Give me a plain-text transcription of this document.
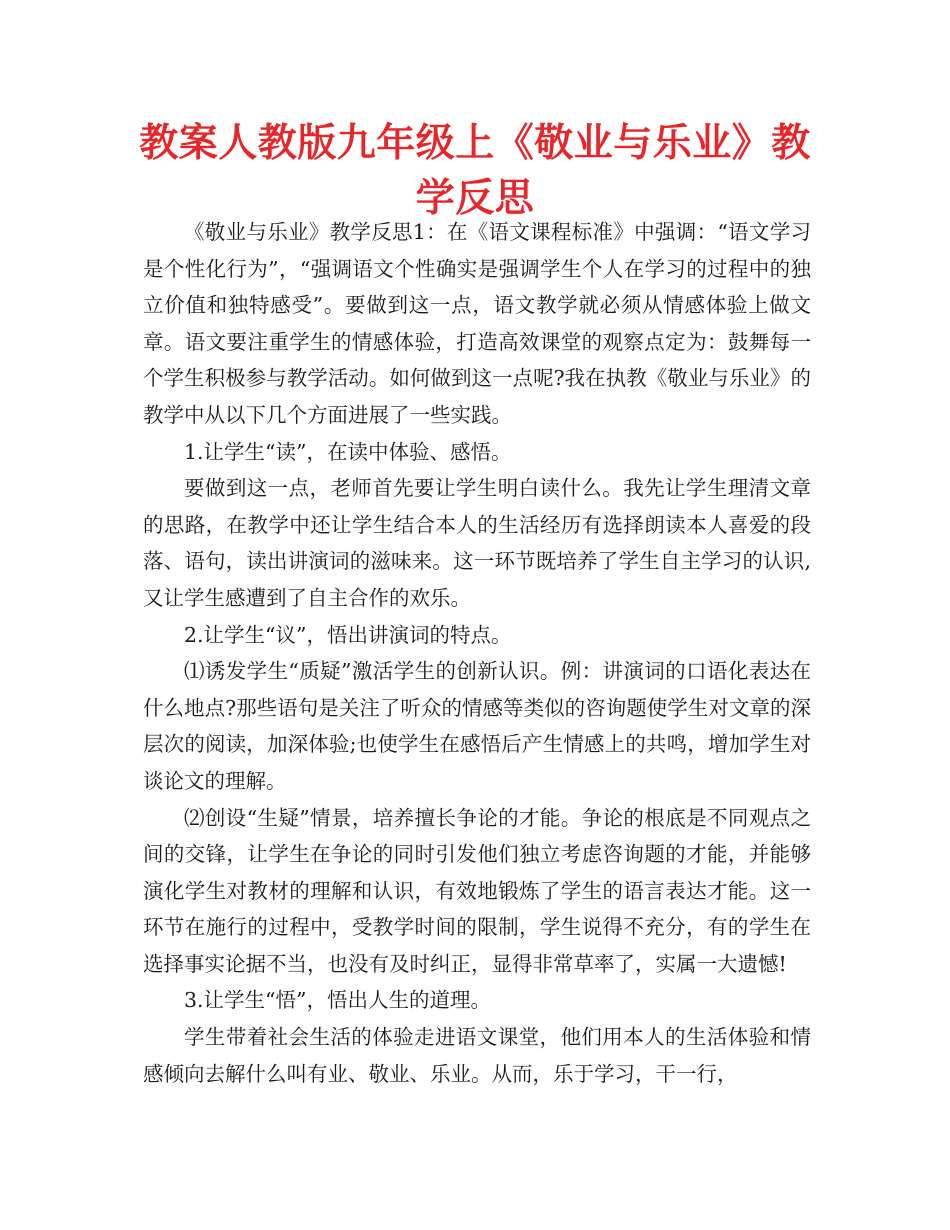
教案人教版九年级上《敬业与乐业》教学反思

《敬业与乐业》教学反思1：在《语文课程标准》中强调：“语文学习是个性化行为”，“强调语文个性确实是强调学生个人在学习的过程中的独立价值和独特感受”。要做到这一点，语文教学就必须从情感体验上做文章。语文要注重学生的情感体验，打造高效课堂的观察点定为：鼓舞每一个学生积极参与教学活动。如何做到这一点呢?我在执教《敬业与乐业》的教学中从以下几个方面进展了一些实践。

1.让学生“读”，在读中体验、感悟。

要做到这一点，老师首先要让学生明白读什么。我先让学生理清文章的思路，在教学中还让学生结合本人的生活经历有选择朗读本人喜爱的段落、语句，读出讲演词的滋味来。这一环节既培养了学生自主学习的认识,又让学生感遭到了自主合作的欢乐。

2.让学生“议”，悟出讲演词的特点。

⑴诱发学生“质疑”激活学生的创新认识。例：讲演词的口语化表达在什么地点?那些语句是关注了听众的情感等类似的咨询题使学生对文章的深层次的阅读，加深体验;也使学生在感悟后产生情感上的共鸣，增加学生对谈论文的理解。

⑵创设“生疑”情景，培养擅长争论的才能。争论的根底是不同观点之间的交锋，让学生在争论的同时引发他们独立考虑咨询题的才能，并能够演化学生对教材的理解和认识，有效地锻炼了学生的语言表达才能。这一环节在施行的过程中，受教学时间的限制，学生说得不充分，有的学生在选择事实论据不当，也没有及时纠正，显得非常草率了，实属一大遗憾!

3.让学生“悟”，悟出人生的道理。

学生带着社会生活的体验走进语文课堂，他们用本人的生活体验和情感倾向去解什么叫有业、敬业、乐业。从而，乐于学习，干一行，
